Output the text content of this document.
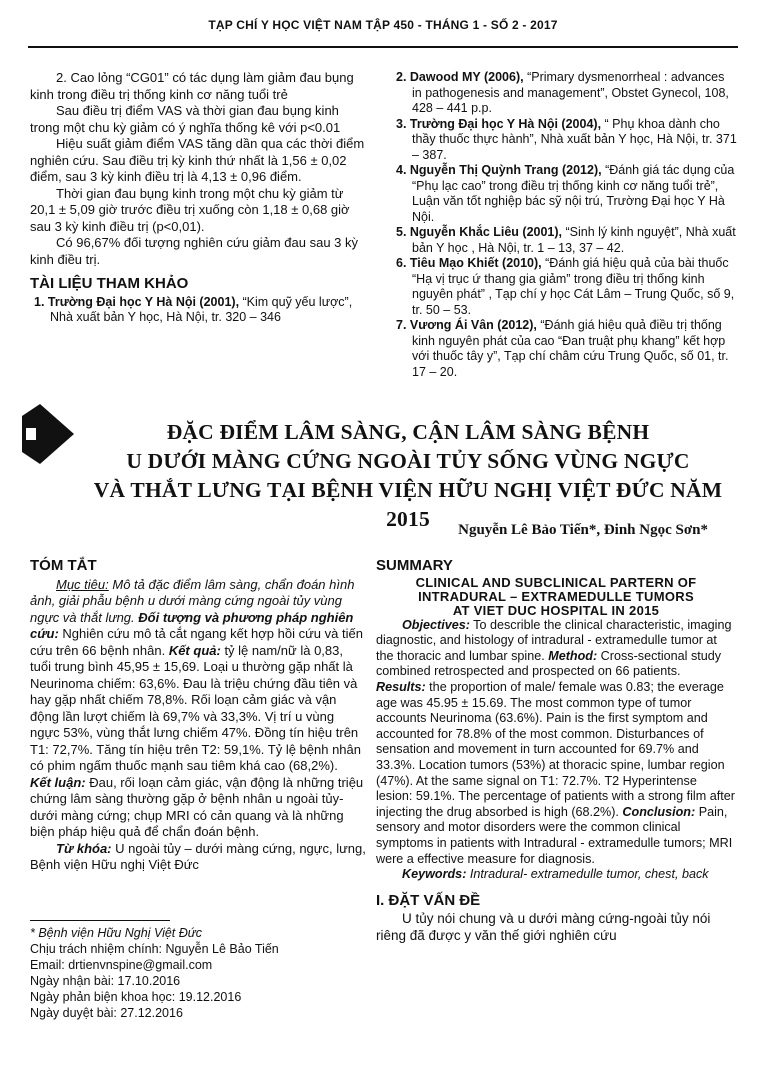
TẠP CHÍ Y HỌC VIỆT NAM TẬP 450 - THÁNG 1 - SỐ 2 - 2017

2. Cao lỏng “CG01” có tác dụng làm giảm đau bụng kinh trong điều trị thống kinh cơ năng tuổi trẻ

Sau điều trị điểm VAS và thời gian đau bụng kinh trong một chu kỳ giảm có ý nghĩa thống kê với p<0.01

Hiệu suất giảm điểm VAS tăng dần qua các thời điểm nghiên cứu. Sau điều trị kỳ kinh thứ nhất là 1,56 ± 0,02 điểm, sau 3 kỳ kinh điều trị là 4,13 ± 0,96 điểm.

Thời gian đau bụng kinh trong một chu kỳ giảm từ 20,1 ± 5,09 giờ trước điều trị xuống còn 1,18 ± 0,68 giờ sau 3 kỳ kinh điều trị (p<0,01).

Có 96,67% đối tượng nghiên cứu giảm đau sau 3 kỳ kinh điều trị.

TÀI LIỆU THAM KHẢO

1. Trường Đại học Y Hà Nội (2001), “Kim quỹ yếu lược”, Nhà xuất bản Y học, Hà Nội, tr. 320 – 346

2. Dawood MY (2006), “Primary dysmenorrheal : advances in pathogenesis and management”, Obstet Gynecol, 108, 428 – 441 p.p.

3. Trường Đại học Y Hà Nội (2004), “ Phụ khoa dành cho thầy thuốc thực hành”, Nhà xuất bản Y học, Hà Nội, tr. 371 – 387.

4. Nguyễn Thị Quỳnh Trang (2012), “Đánh giá tác dụng của “Phụ lạc cao” trong điều trị thống kinh cơ năng tuổi trẻ”, Luận văn tốt nghiệp bác sỹ nội trú, Trường Đại học Y Hà Nội.

5. Nguyễn Khắc Liêu (2001), “Sinh lý kinh nguyệt”, Nhà xuất bản Y học , Hà Nội, tr. 1 – 13, 37 – 42.

6. Tiêu Mạo Khiết (2010), “Đánh giá hiệu quả của bài thuốc “Hạ vị trục ứ thang gia giảm” trong điều trị thống kinh nguyên phát” , Tạp chí y học Cát Lâm – Trung Quốc, số 9, tr. 50 – 53.

7. Vương Ái Vân (2012), “Đánh giá hiệu quả điều trị thống kinh nguyên phát của cao “Đan truật phụ khang” kết hợp với thuốc tây y”, Tạp chí châm cứu Trung Quốc, số 01, tr. 17 – 20.

ĐẶC ĐIỂM LÂM SÀNG, CẬN LÂM SÀNG BỆNH
U DƯỚI MÀNG CỨNG NGOÀI TỦY SỐNG VÙNG NGỰC
VÀ THẮT LƯNG TẠI BỆNH VIỆN HỮU NGHỊ VIỆT ĐỨC NĂM 2015	Nguyễn Lê Bảo Tiến*, Đinh Ngọc Sơn*
TÓM TẮT

Mục tiêu: Mô tả đặc điểm lâm sàng, chẩn đoán hình ảnh, giải phẫu bệnh u dưới màng cứng ngoài tủy vùng ngực và thắt lưng. Đối tượng và phương pháp nghiên cứu: Nghiên cứu mô tả cắt ngang kết hợp hồi cứu và tiến cứu trên 66 bệnh nhân. Kết quả: tỷ lệ nam/nữ là 0,83, tuổi trung bình 45,95 ± 15,69. Loại u thường gặp nhất là Neurinoma chiếm: 63,6%. Đau là triệu chứng đầu tiên và hay gặp nhất chiếm 78,8%. Rối loạn cảm giác và vận động lần lượt chiếm là 69,7% và 33,3%. Vị trí u vùng ngực 53%, vùng thắt lưng chiếm 47%. Đồng tín hiệu trên T1: 72,7%. Tăng tín hiệu trên T2: 59,1%. Tỷ lệ bệnh nhân có phim ngấm thuốc mạnh sau tiêm khá cao (68,2%).

Kết luận: Đau, rối loạn cảm giác, vận động là những triệu chứng lâm sàng thường gặp ở bệnh nhân u ngoài tủy-dưới màng cứng; chụp MRI có cản quang và là những biện pháp hiệu quả để chẩn đoán bệnh.

Từ khóa: U ngoài tủy – dưới màng cứng, ngực, lưng, Bệnh viện Hữu nghị Việt Đức

* Bệnh viện Hữu Nghị Việt Đức
Chịu trách nhiệm chính: Nguyễn Lê Bảo Tiến
Email: drtienvnspine@gmail.com
Ngày nhận bài: 17.10.2016
Ngày phản biện khoa học: 19.12.2016
Ngày duyệt bài: 27.12.2016
SUMMARY
CLINICAL AND SUBCLINICAL PARTERN OF
INTRADURAL – EXTRAMEDULLE TUMORS
AT VIET DUC HOSPITAL IN 2015

Objectives: To describle the clinical characteristic, imaging diagnostic, and histology of intradural - extramedulle tumor at the thoracic and lumbar spine. Method: Cross-sectional study combined retrospected and prospected on 66 patients.

Results: the proportion of male/ female was 0.83; the everage age was 45.95 ± 15.69. The most common type of tumor accounts Neurinoma (63.6%). Pain is the first symptom and accounted for 78.8% of the most common. Disturbances of sensation and movement in turn accounted for 69.7% and 33.3%. Location tumors (53%) at thoracic spine, lumbar region (47%). At the same signal on T1: 72.7%. T2 Hyperintense lesion: 59.1%. The percentage of patients with a strong film after injecting the drug absorbed is high (68.2%). Conclusion: Pain, sensory and motor disorders were the common clinical symptoms in patients with Intradural - extramedulle tumors; MRI were a effective measure for diagnosis.

Keywords: Intradural- extramedulle tumor, chest, back

I. ĐẶT VẤN ĐỀ

U tủy nói chung và u dưới màng cứng-ngoài tủy nói riêng đã được y văn thế giới nghiên cứu
